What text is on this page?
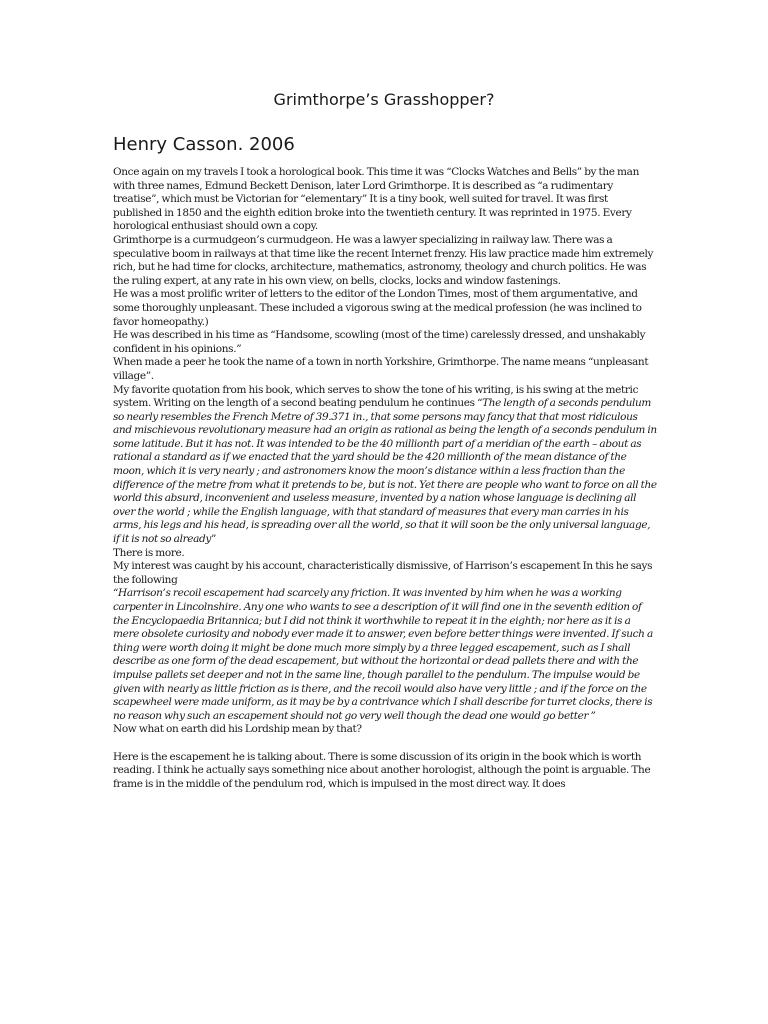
Grimthorpe’s Grasshopper?
Henry Casson. 2006

Once again on my travels I took a horological book. This time it was “Clocks Watches and Bells” by the man with three names, Edmund Beckett Denison, later Lord Grimthorpe. It is described as “a rudimentary treatise”, which must be Victorian for “elementary” It is a tiny book, well suited for travel. It was first published in 1850 and the eighth edition broke into the twentieth century. It was reprinted in 1975. Every horological enthusiast should own a copy.

Grimthorpe is a curmudgeon’s curmudgeon. He was a lawyer specializing in railway law. There was a speculative boom in railways at that time like the recent Internet frenzy. His law practice made him extremely rich, but he had time for clocks, architecture, mathematics, astronomy, theology and church politics. He was the ruling expert, at any rate in his own view, on bells, clocks, locks and window fastenings.

He was a most prolific writer of letters to the editor of the London Times, most of them argumentative, and some thoroughly unpleasant. These included a vigorous swing at the medical profession (he was inclined to favor homeopathy.)

He was described in his time as “Handsome, scowling (most of the time) carelessly dressed, and unshakably confident in his opinions.”

When made a peer he took the name of a town in north Yorkshire, Grimthorpe. The name means “unpleasant village”.

My favorite quotation from his book, which serves to show the tone of his writing, is his swing at the metric system. Writing on the length of a second beating pendulum he continues “The length of a seconds pendulum so nearly resembles the French Metre of 39.371 in., that some persons may fancy that that most ridiculous and mischievous revolutionary measure had an origin as rational as being the length of a seconds pendulum in some latitude. But it has not. It was intended to be the 40 millionth part of a meridian of the earth – about as rational a standard as if we enacted that the yard should be the 420 millionth of the mean distance of the moon, which it is very nearly ; and astronomers know the moon’s distance within a less fraction than the difference of the metre from what it pretends to be, but is not. Yet there are people who want to force on all the world this absurd, inconvenient and useless measure, invented by a nation whose language is declining all over the world ; while the English language, with that standard of measures that every man carries in his arms, his legs and his head, is spreading over all the world, so that it will soon be the only universal language, if it is not so already”

There is more.

My interest was caught by his account, characteristically dismissive, of Harrison’s escapement In this he says the following

“Harrison’s recoil escapement had scarcely any friction. It was invented by him when he was a working carpenter in Lincolnshire. Any one who wants to see a description of it will find one in the seventh edition of the Encyclopaedia Britannica; but I did not think it worthwhile to repeat it in the eighth; nor here as it is a mere obsolete curiosity and nobody ever made it to answer, even before better things were invented. If such a thing were worth doing it might be done much more simply by a three legged escapement, such as I shall describe as one form of the dead escapement, but without the horizontal or dead pallets there and with the impulse pallets set deeper and not in the same line, though parallel to the pendulum. The impulse would be given with nearly as little friction as is there, and the recoil would also have very little ; and if the force on the scapewheel were made uniform, as it may be by a contrivance which I shall describe for turret clocks, there is no reason why such an escapement should not go very well though the dead one would go better ”

Now what on earth did his Lordship mean by that?

Here is the escapement he is talking about. There is some discussion of its origin in the book which is worth reading. I think he actually says something nice about another horologist, although the point is arguable. The frame is in the middle of the pendulum rod, which is impulsed in the most direct way. It does
